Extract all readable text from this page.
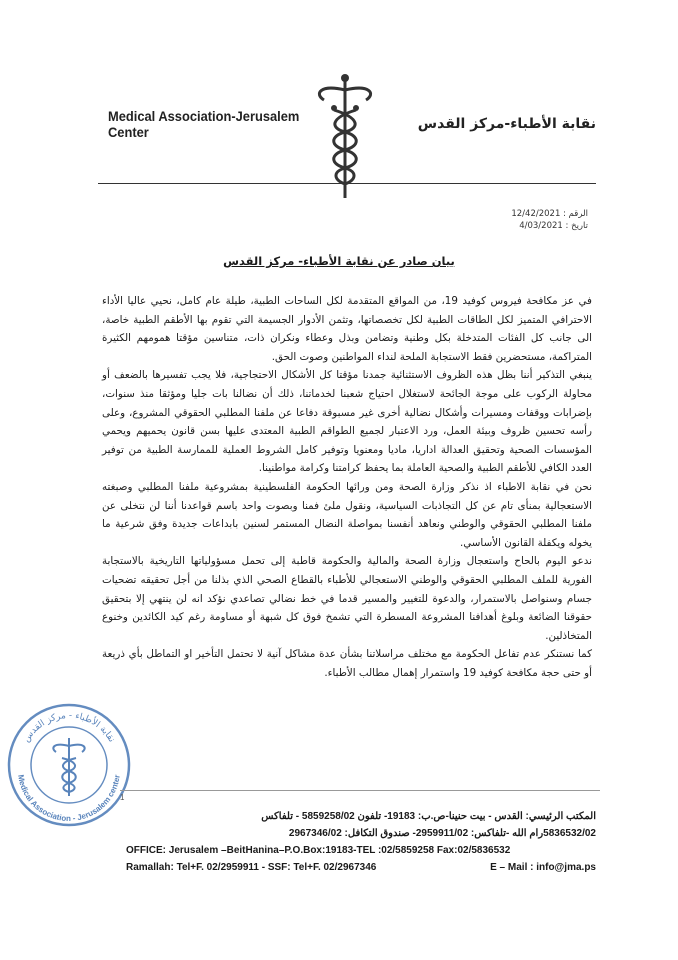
Medical Association-Jerusalem Center	نقابة الأطباء-مركز القدس
الرقم : 12/42/2021
تاريخ : 4/03/2021
بيان صادر عن نقابة الأطباء- مركز القدس

في عز مكافحة فيروس كوفيد 19، من المواقع المتقدمة لكل الساحات الطبية، طيلة عام كامل، نحيي عاليا الأداء الاحترافي المتميز لكل الطاقات الطبية لكل تخصصاتها، وتثمن الأدوار الجسيمة التي تقوم بها الأطقم الطبية خاصة، الى جانب كل الفئات المتدخلة بكل وطنية وتضامن وبذل وعطاء ونكران ذات، متناسين مؤقتا همومهم الكثيرة المتراكمة، مستحضرين فقط الاستجابة الملحة لنداء المواطنين وصوت الحق.

ينبغي التذكير أننا بظل هذه الظروف الاستثنائية جمدنا مؤقتا كل الأشكال الاحتجاجية، فلا يجب تفسيرها بالضعف أو محاولة الركوب على موجة الجائحة لاستغلال احتياج شعبنا لخدماتنا، ذلك أن نضالنا بات جليا ومؤثقا منذ سنوات، بإضرابات ووقفات ومسيرات وأشكال نضالية أخرى غير مسبوقة دفاعا عن ملفنا المطلبي الحقوقي المشروع، وعلى رأسه تحسين ظروف وبيئة العمل، ورد الاعتبار لجميع الطواقم الطبية المعتدى عليها بسن قانون يحميهم ويحمي المؤسسات الصحية وتحقيق العدالة اداريا، ماديا ومعنويا وتوفير كامل الشروط العملية للممارسة الطبية من توفير العدد الكافي للأطقم الطبية والصحية العاملة بما يحفظ كرامتنا وكرامة مواطنينا.

نحن في نقابة الاطباء اذ نذكر وزارة الصحة ومن ورائها الحكومة الفلسطينية بمشروعية ملفنا المطلبي وصبغته الاستعجالية بمنأى تام عن كل التجاذبات السياسية، ونقول ملئ فمنا وبصوت واحد باسم قواعدنا أننا لن نتخلى عن ملفنا المطلبي الحقوقي والوطني ونعاهد أنفسنا بمواصلة النضال المستمر لسنين بابداعات جديدة وفق شرعية ما يخوله ويكفلة القانون الأساسي.

ندعو اليوم بالحاح واستعجال وزارة الصحة والمالية والحكومة قاطبة إلى تحمل مسؤولياتها التاريخية بالاستجابة الفورية للملف المطلبي الحقوقي والوطني الاستعجالي للأطباء بالقطاع الصحي الذي بذلنا من أجل تحقيقه تضحيات جسام وسنواصل بالاستمرار، والدعوة للتغيير والمسير قدما في خط نضالي تصاعدي نؤكد انه لن ينتهي إلا بتحقيق حقوقنا الضائعة وبلوغ أهدافنا المشروعة المسطرة التي تشمخ فوق كل شبهة أو مساومة رغم كيد الكائدين وخنوع المتخاذلين.

كما نستنكر عدم تفاعل الحكومة مع مختلف مراسلاتنا بشأن عدة مشاكل آنية لا تحتمل التأخير او التماطل بأي ذريعة أو حتى حجة مكافحة كوفيد 19 واستمرار إهمال مطالب الأطباء.

نقابة الأطباء - مركز القدس
Medical Association - Jerusalem center
1
المكتب الرئيسي: القدس - بيت حنينا-ص.ب: 19183- تلفون 5859258/02 - تلفاكس
5836532/02رام الله -تلفاكس: 2959911/02- صندوق التكافل: 2967346/02
OFFICE: Jerusalem –BeitHanina–P.O.Box:19183-TEL :02/5859258 Fax:02/5836532
Ramallah: Tel+F. 02/2959911 - SSF: Tel+F. 02/2967346	E – Mail : info@jma.ps
